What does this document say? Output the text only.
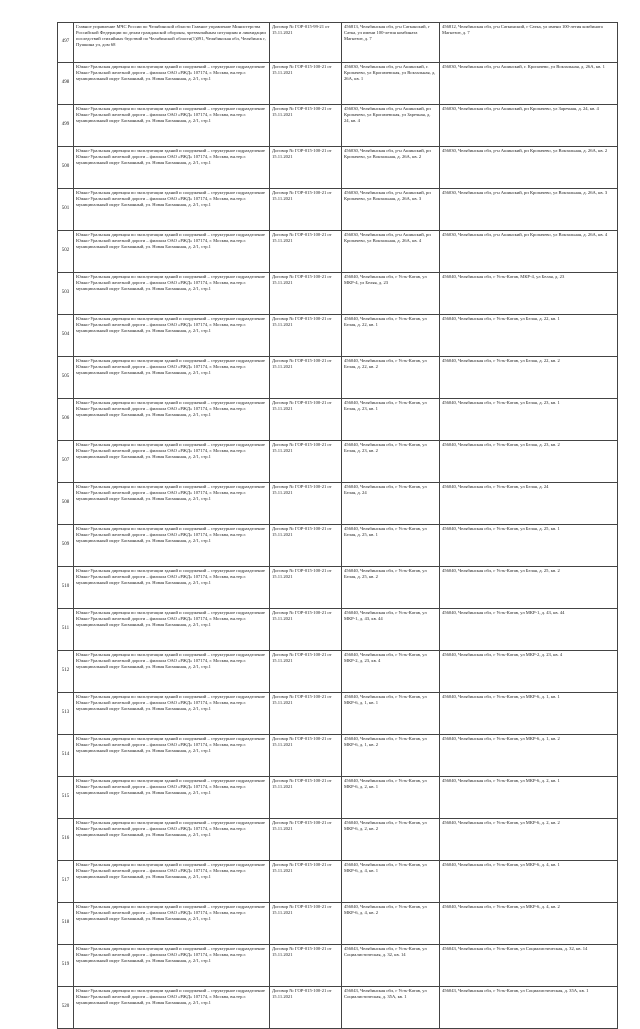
497	Главное управление МЧС России по Челябинской области Главное управление Министерства Российской Федерации по делам гражданской обороны, чрезвычайным ситуациям и ликвидации последствий стихийных бедствий по Челябинской области(1)091, Челябинская обл, Челябинск г, Пушкина ул, дом 68	Договор № ГОР-015-99-21 от 15.11.2021	456813, Челябинская обл, р-н Сатканский, г Сатка, ул имени 100-летия комбината Магнезит, д. 7	456812, Челябинская обл, р-н Саткинский, г Сатка, ул имени 100-летия комбината Магнезит, д. 7
498	Южно-Уральская дирекция по эксплуатации зданий и сооружений – структурное подразделение Южно-Уральской железной дороги – филиала ОАО «РЖД» 107174, г. Москва, вн.тер.г. муниципальный округ Басманный, ул. Новая Басманная, д. 2/1, стр.1	Договор № ГОР-015-100-21 от 15.11.2021	456030, Челябинская обл, р-н Ашинский, г. Кропачево, ул Кропачевская, ул Вокзальная, д. 26А, кв. 1	456030, Челябинская обл, р-н Ашинский, г. Кропачево, ул Вокзальная, д. 26А, кв. 1
499	Южно-Уральская дирекция по эксплуатации зданий и сооружений – структурное подразделение Южно-Уральской железной дороги – филиала ОАО «РЖД» 107174, г. Москва, вн.тер.г. муниципальный округ Басманный, ул. Новая Басманная, д. 2/1, стр.1	Договор № ГОР-015-100-21 от 15.11.2021	456030, Челябинская обл, р-н Ашинский, рп Кропачево, ул Кропачевская, ул Заречная, д. 24, кв. 4	456030, Челябинская обл, р-н Ашинский, рп Кропачево, ул Заречная, д. 24, кв. 4
500	Южно-Уральская дирекция по эксплуатации зданий и сооружений – структурное подразделение Южно-Уральской железной дороги – филиала ОАО «РЖД» 107174, г. Москва, вн.тер.г. муниципальный округ Басманный, ул. Новая Басманная, д. 2/1, стр.1	Договор № ГОР-015-100-21 от 15.11.2021	456030, Челябинская обл, р-н Ашинский, рп Кропачево, ул Вокзальная, д. 26А, кв. 2	456030, Челябинская обл, р-н Ашинский, рп Кропачево, ул Вокзальная, д. 26А, кв. 2
501	Южно-Уральская дирекция по эксплуатации зданий и сооружений – структурное подразделение Южно-Уральской железной дороги – филиала ОАО «РЖД» 107174, г. Москва, вн.тер.г. муниципальный округ Басманный, ул. Новая Басманная, д. 2/1, стр.1	Договор № ГОР-015-100-21 от 15.11.2021	456030, Челябинская обл, р-н Ашинский, рп Кропачево, ул Вокзальная, д. 26А, кв. 3	456030, Челябинская обл, р-н Ашинский, рп Кропачево, ул Вокзальная, д. 26А, кв. 3
502	Южно-Уральская дирекция по эксплуатации зданий и сооружений – структурное подразделение Южно-Уральской железной дороги – филиала ОАО «РЖД» 107174, г. Москва, вн.тер.г. муниципальный округ Басманный, ул. Новая Басманная, д. 2/1, стр.1	Договор № ГОР-015-100-21 от 15.11.2021	456030, Челябинская обл, р-н Ашинский, рп Кропачево, ул Вокзальная, д. 26А, кв. 4	456030, Челябинская обл, р-н Ашинский, рп Кропачево, ул Вокзальная, д. 26А, кв. 4
503	Южно-Уральская дирекция по эксплуатации зданий и сооружений – структурное подразделение Южно-Уральской железной дороги – филиала ОАО «РЖД» 107174, г. Москва, вн.тер.г. муниципальный округ Басманный, ул. Новая Басманная, д. 2/1, стр.1	Договор № ГОР-015-100-21 от 15.11.2021	456040, Челябинская обл, г Усть-Катав, ул МКР-4, ул Беляя, д. 23	456040, Челябинская обл, г Усть-Катав, МКР-4, ул Белая, д. 23
504	Южно-Уральская дирекция по эксплуатации зданий и сооружений – структурное подразделение Южно-Уральской железной дороги – филиала ОАО «РЖД» 107174, г. Москва, вн.тер.г. муниципальный округ Басманный, ул. Новая Басманная, д. 2/1, стр.1	Договор № ГОР-015-100-21 от 15.11.2021	456040, Челябинская обл, г Усть-Катав, ул Белая, д. 22, кв. 1	456040, Челябинская обл, г Усть-Катав, ул Белая, д. 22, кв. 1
505	Южно-Уральская дирекция по эксплуатации зданий и сооружений – структурное подразделение Южно-Уральской железной дороги – филиала ОАО «РЖД» 107174, г. Москва, вн.тер.г. муниципальный округ Басманный, ул. Новая Басманная, д. 2/1, стр.1	Договор № ГОР-015-100-21 от 15.11.2021	456040, Челябинская обл, г Усть-Катав, ул Белая, д. 22, кв. 2	456040, Челябинская обл, г Усть-Катав, ул Белая, д. 22, кв. 2
506	Южно-Уральская дирекция по эксплуатации зданий и сооружений – структурное подразделение Южно-Уральской железной дороги – филиала ОАО «РЖД» 107174, г. Москва, вн.тер.г. муниципальный округ Басманный, ул. Новая Басманная, д. 2/1, стр.1	Договор № ГОР-015-100-21 от 15.11.2021	456040, Челябинская обл, г Усть-Катав, ул Белая, д. 23, кв. 1	456040, Челябинская обл, г Усть-Катав, ул Белая, д. 23, кв. 1
507	Южно-Уральская дирекция по эксплуатации зданий и сооружений – структурное подразделение Южно-Уральской железной дороги – филиала ОАО «РЖД» 107174, г. Москва, вн.тер.г. муниципальный округ Басманный, ул. Новая Басманная, д. 2/1, стр.1	Договор № ГОР-015-100-21 от 15.11.2021	456040, Челябинская обл, г Усть-Катав, ул Белая, д. 23, кв. 2	456040, Челябинская обл, г Усть-Катав, ул Белая, д. 23, кв. 2
508	Южно-Уральская дирекция по эксплуатации зданий и сооружений – структурное подразделение Южно-Уральской железной дороги – филиала ОАО «РЖД» 107174, г. Москва, вн.тер.г. муниципальный округ Басманный, ул. Новая Басманная, д. 2/1, стр.1	Договор № ГОР-015-100-21 от 15.11.2021	456040, Челябинская обл, г Усть-Катав, ул Белая, д. 24	456040, Челябинская обл, г Усть-Катав, ул Белая, д. 24
509	Южно-Уральская дирекция по эксплуатации зданий и сооружений – структурное подразделение Южно-Уральской железной дороги – филиала ОАО «РЖД» 107174, г. Москва, вн.тер.г. муниципальный округ Басманный, ул. Новая Басманная, д. 2/1, стр.1	Договор № ГОР-015-100-21 от 15.11.2021	456040, Челябинская обл, г Усть-Катав, ул Белая, д. 25, кв. 1	456040, Челябинская обл, г Усть-Катав, ул Белая, д. 25, кв. 1
510	Южно-Уральская дирекция по эксплуатации зданий и сооружений – структурное подразделение Южно-Уральской железной дороги – филиала ОАО «РЖД» 107174, г. Москва, вн.тер.г. муниципальный округ Басманный, ул. Новая Басманная, д. 2/1, стр.1	Договор № ГОР-015-100-21 от 15.11.2021	456040, Челябинская обл, г Усть-Катав, ул Белая, д. 25, кв. 2	456040, Челябинская обл, г Усть-Катав, ул Белая, д. 25, кв. 2
511	Южно-Уральская дирекция по эксплуатации зданий и сооружений – структурное подразделение Южно-Уральской железной дороги – филиала ОАО «РЖД» 107174, г. Москва, вн.тер.г. муниципальный округ Басманный, ул. Новая Басманная, д. 2/1, стр.1	Договор № ГОР-015-100-21 от 15.11.2021	456040, Челябинская обл, г Усть-Катав, ул МКР-1, д. 43, кв. 44	456040, Челябинская обл, г Усть-Катав, ул МКР-1, д. 43, кв. 44
512	Южно-Уральская дирекция по эксплуатации зданий и сооружений – структурное подразделение Южно-Уральской железной дороги – филиала ОАО «РЖД» 107174, г. Москва, вн.тер.г. муниципальный округ Басманный, ул. Новая Басманная, д. 2/1, стр.1	Договор № ГОР-015-100-21 от 15.11.2021	456040, Челябинская обл, г Усть-Катав, ул МКР-2, д. 23, кв. 4	456040, Челябинская обл, г Усть-Катав, ул МКР-2, д. 23, кв. 4
513	Южно-Уральская дирекция по эксплуатации зданий и сооружений – структурное подразделение Южно-Уральской железной дороги – филиала ОАО «РЖД» 107174, г. Москва, вн.тер.г. муниципальный округ Басманный, ул. Новая Басманная, д. 2/1, стр.1	Договор № ГОР-015-100-21 от 15.11.2021	456040, Челябинская обл, г Усть-Катав, ул МКР-6, д. 1, кв. 1	456040, Челябинская обл, г Усть-Катав, ул МКР-6, д. 1, кв. 1
514	Южно-Уральская дирекция по эксплуатации зданий и сооружений – структурное подразделение Южно-Уральской железной дороги – филиала ОАО «РЖД» 107174, г. Москва, вн.тер.г. муниципальный округ Басманный, ул. Новая Басманная, д. 2/1, стр.1	Договор № ГОР-015-100-21 от 15.11.2021	456040, Челябинская обл, г Усть-Катав, ул МКР-6, д. 1, кв. 2	456040, Челябинская обл, г Усть-Катав, ул МКР-6, д. 1, кв. 2
515	Южно-Уральская дирекция по эксплуатации зданий и сооружений – структурное подразделение Южно-Уральской железной дороги – филиала ОАО «РЖД» 107174, г. Москва, вн.тер.г. муниципальный округ Басманный, ул. Новая Басманная, д. 2/1, стр.1	Договор № ГОР-015-100-21 от 15.11.2021	456040, Челябинская обл, г Усть-Катав, ул МКР-6, д. 2, кв. 1	456040, Челябинская обл, г Усть-Катав, ул МКР-6, д. 2, кв. 1
516	Южно-Уральская дирекция по эксплуатации зданий и сооружений – структурное подразделение Южно-Уральской железной дороги – филиала ОАО «РЖД» 107174, г. Москва, вн.тер.г. муниципальный округ Басманный, ул. Новая Басманная, д. 2/1, стр.1	Договор № ГОР-015-100-21 от 15.11.2021	456040, Челябинская обл, г Усть-Катав, ул МКР-6, д. 2, кв. 2	456040, Челябинская обл, г Усть-Катав, ул МКР-6, д. 2, кв. 2
517	Южно-Уральская дирекция по эксплуатации зданий и сооружений – структурное подразделение Южно-Уральской железной дороги – филиала ОАО «РЖД» 107174, г. Москва, вн.тер.г. муниципальный округ Басманный, ул. Новая Басманная, д. 2/1, стр.1	Договор № ГОР-015-100-21 от 15.11.2021	456040, Челябинская обл, г Усть-Катав, ул МКР-6, д. 4, кв. 1	456040, Челябинская обл, г Усть-Катав, ул МКР-6, д. 4, кв. 1
518	Южно-Уральская дирекция по эксплуатации зданий и сооружений – структурное подразделение Южно-Уральской железной дороги – филиала ОАО «РЖД» 107174, г. Москва, вн.тер.г. муниципальный округ Басманный, ул. Новая Басманная, д. 2/1, стр.1	Договор № ГОР-015-100-21 от 15.11.2021	456040, Челябинская обл, г Усть-Катав, ул МКР-6, д. 4, кв. 2	456040, Челябинская обл, г Усть-Катав, ул МКР-6, д. 4, кв. 2
519	Южно-Уральская дирекция по эксплуатации зданий и сооружений – структурное подразделение Южно-Уральской железной дороги – филиала ОАО «РЖД» 107174, г. Москва, вн.тер.г. муниципальный округ Басманный, ул. Новая Басманная, д. 2/1, стр.1	Договор № ГОР-015-100-21 от 15.11.2021	456043, Челябинская обл, г Усть-Катав, ул Социалистическая, д. 32, кв. 14	456043, Челябинская обл, г Усть-Катав, ул Социалистическая, д. 32, кв. 14
520	Южно-Уральская дирекция по эксплуатации зданий и сооружений – структурное подразделение Южно-Уральской железной дороги – филиала ОАО «РЖД» 107174, г. Москва, вн.тер.г. муниципальный округ Басманный, ул. Новая Басманная, д. 2/1, стр.1	Договор № ГОР-015-100-21 от 15.11.2021	456043, Челябинская обл, г Усть-Катав, ул Социалистическая, д. 35А, кв. 1	456043, Челябинская обл, г Усть-Катав, ул Социалистическая, д. 35А, кв. 1
